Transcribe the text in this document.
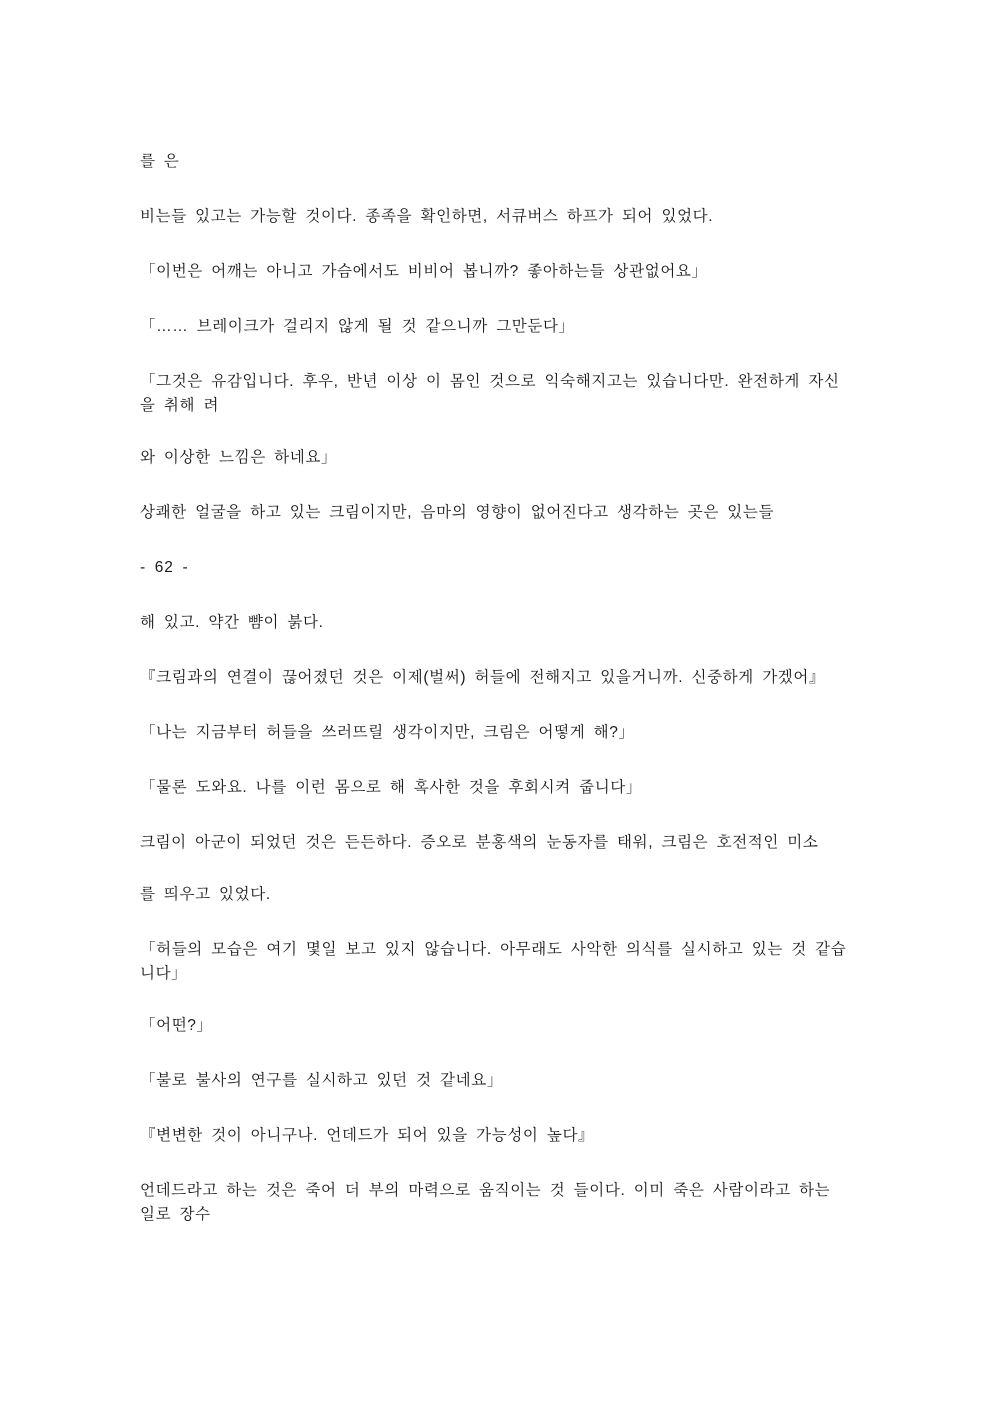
를 은

비는들 있고는 가능할 것이다. 종족을 확인하면, 서큐버스 하프가 되어 있었다.

「이번은 어깨는 아니고 가슴에서도 비비어 봅니까? 좋아하는들 상관없어요」

「…… 브레이크가 걸리지 않게 될 것 같으니까 그만둔다」

「그것은 유감입니다. 후우, 반년 이상 이 몸인 것으로 익숙해지고는 있습니다만. 완전하게 자신을 취해 려

와 이상한 느낌은 하네요」

상쾌한 얼굴을 하고 있는 크림이지만, 음마의 영향이 없어진다고 생각하는 곳은 있는들

- 62 -

해 있고. 약간 뺨이 붉다.

『크림과의 연결이 끊어졌던 것은 이제(벌써) 허들에 전해지고 있을거니까. 신중하게 가겠어』

「나는 지금부터 허들을 쓰러뜨릴 생각이지만, 크림은 어떻게 해?」

「물론 도와요. 나를 이런 몸으로 해 혹사한 것을 후회시켜 줍니다」

크림이 아군이 되었던 것은 든든하다. 증오로 분홍색의 눈동자를 태워, 크림은 호전적인 미소

를 띄우고 있었다.

「허들의 모습은 여기 몇일 보고 있지 않습니다. 아무래도 사악한 의식를 실시하고 있는 것 같습니다」

「어떤?」

「불로 불사의 연구를 실시하고 있던 것 같네요」

『변변한 것이 아니구나. 언데드가 되어 있을 가능성이 높다』

언데드라고 하는 것은 죽어 더 부의 마력으로 움직이는 것 들이다. 이미 죽은 사람이라고 하는 일로 장수
